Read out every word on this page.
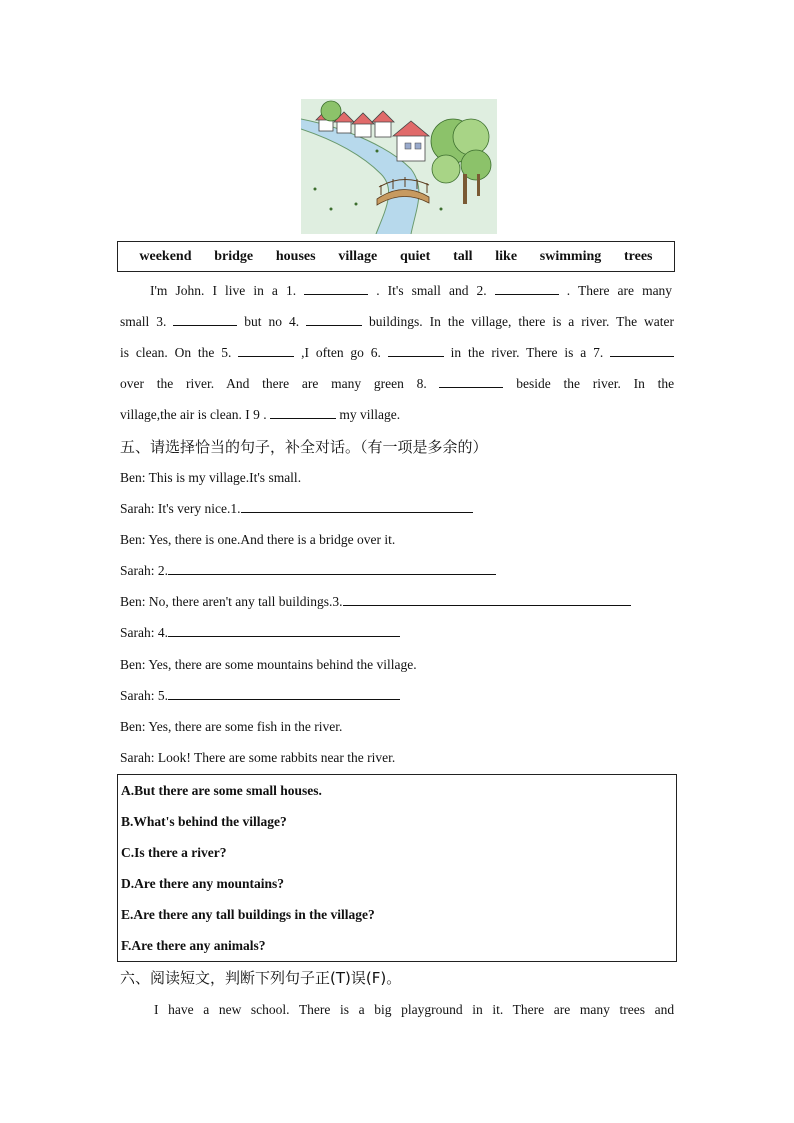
weekend bridge houses village quiet tall like swimming trees
I'm John. I live in a 1.	. It's small and 2.	. There are many
small 3.	but no 4.	buildings. In the village, there is a river. The water
is clean. On the 5.	,I often go 6.	in the river. There is a 7.
over the river. And there are many green 8.	beside the river. In the
village,the air is clean. I 9 .	my village.
五、请选择恰当的句子，补全对话。（有一项是多余的）
Ben: This is my village.It's small.
Sarah: It's very nice.1.
Ben: Yes, there is one.And there is a bridge over it.
Sarah: 2.
Ben: No, there aren't any tall buildings.3.
Sarah: 4.
Ben: Yes, there are some mountains behind the village.
Sarah: 5.
Ben: Yes, there are some fish in the river.
Sarah: Look! There are some rabbits near the river.
A.But there are some small houses.
B.What's behind the village?
C.Is there a river?
D.Are there any mountains?
E.Are there any tall buildings in the village?
F.Are there any animals?
六、阅读短文，判断下列句子正(T)误(F)。
I have a new school. There is a big playground in it. There are many trees and
